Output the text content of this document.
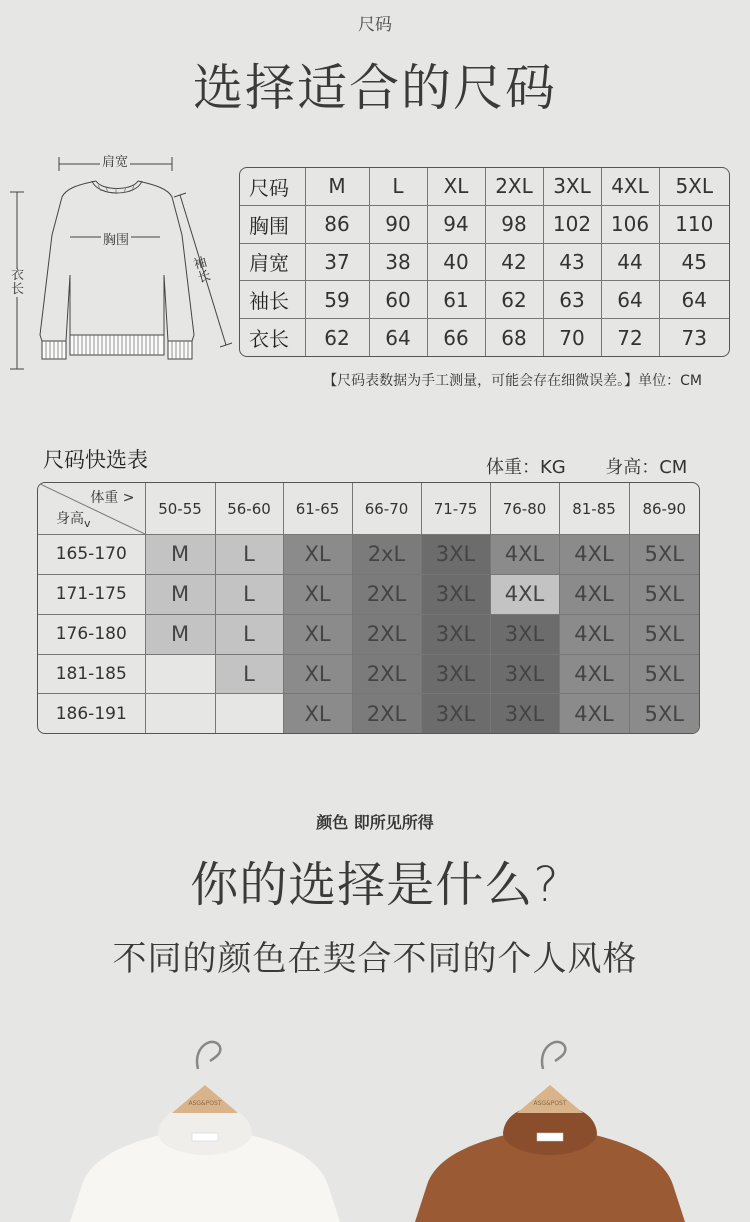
尺码
选择适合的尺码
肩宽
胸围
袖
长
衣
长
尺码	M	L	XL	2XL	3XL	4XL	5XL
胸围	86	90	94	98	102	106	110
肩宽	37	38	40	42	43	44	45
袖长	59	60	61	62	63	64	64
衣长	62	64	66	68	70	72	73
【尺码表数据为手工测量，可能会存在细微误差。】单位：CM
尺码快选表	体重：KG 身高：CM
体重 >
身高$_v$	50-55	56-60	61-65	66-70	71-75	76-80	81-85	86-90
165-170	M	L	XL	2xL	3XL	4XL	4XL	5XL
171-175	M	L	XL	2XL	3XL	4XL	4XL	5XL
176-180	M	L	XL	2XL	3XL	3XL	4XL	5XL
181-185		L	XL	2XL	3XL	3XL	4XL	5XL
186-191			XL	2XL	3XL	3XL	4XL	5XL
颜色 即所见所得
你的选择是什么?
不同的颜色在契合不同的个人风格
ASG&POST	ASG&POST
